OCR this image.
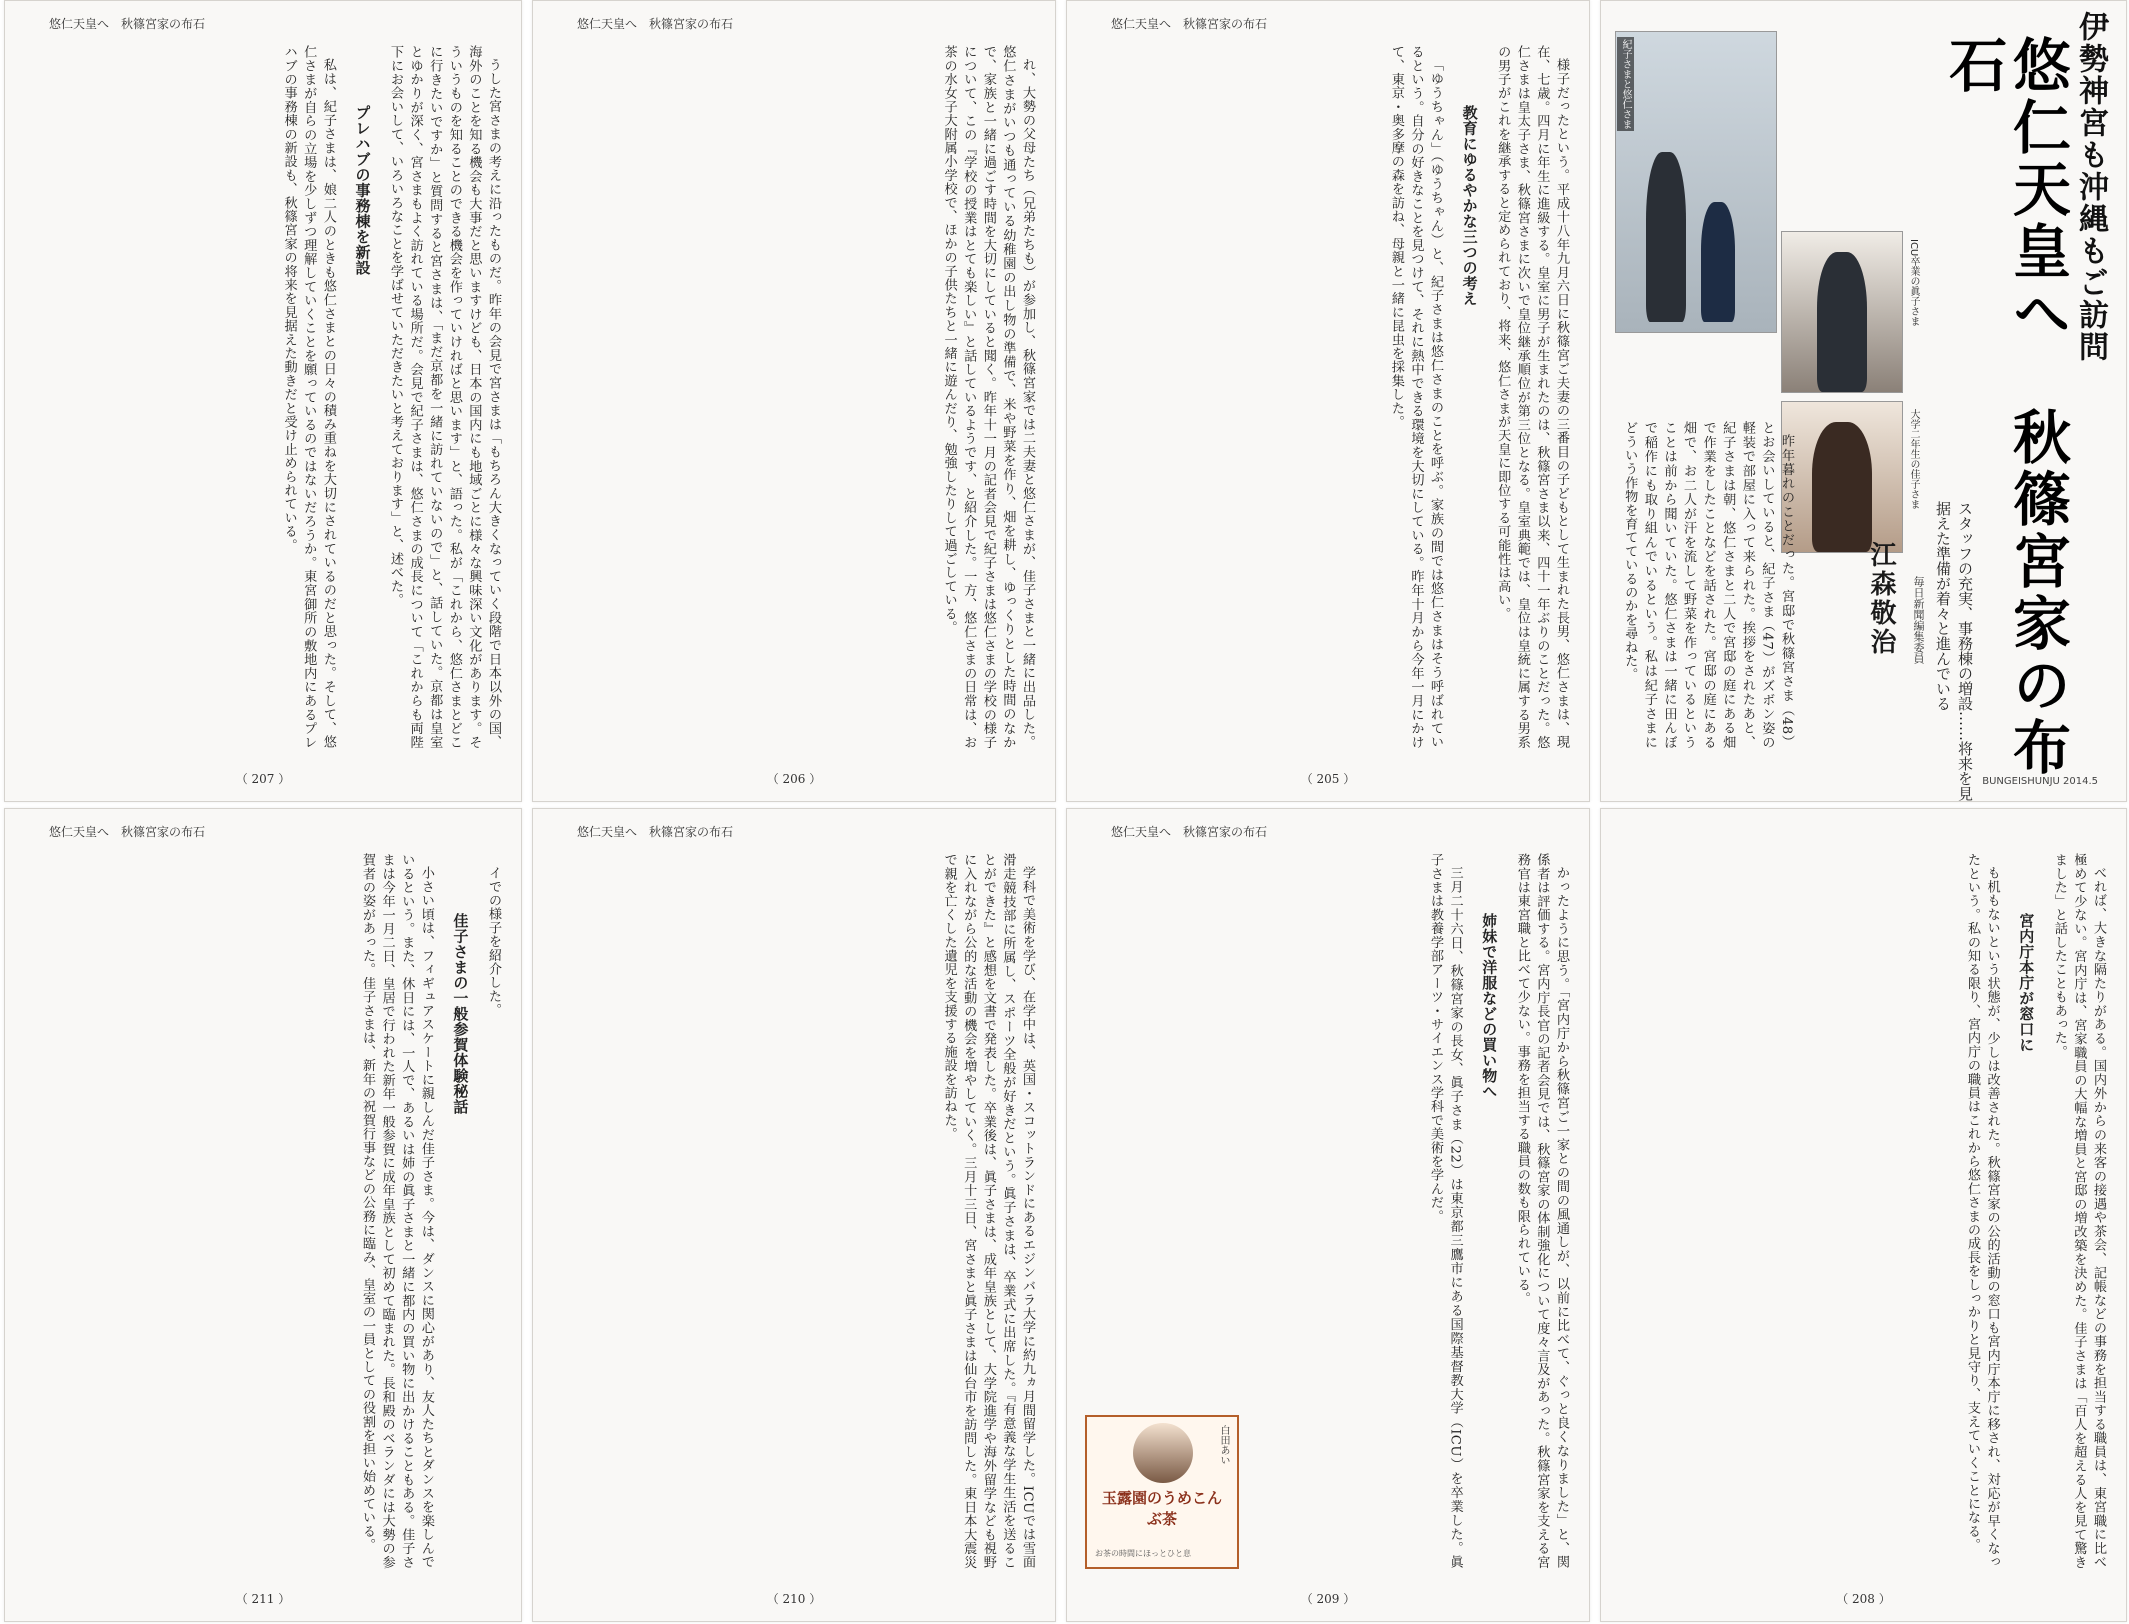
悠仁天皇へ　秋篠宮家の布石

うした宮さまの考えに沿ったものだ。昨年の会見で宮さまは「もちろん大きくなっていく段階で日本以外の国、海外のことを知る機会も大事だと思いますけども、日本の国内にも地域ごとに様々な興味深い文化があります。そういうものを知ることのできる機会を作っていければと思います」と、語った。私が「これから、悠仁さまとどこに行きたいですか」と質問すると宮さまは、「まだ京都を一緒に訪れていないので」と、話していた。京都は皇室とゆかりが深く、宮さまもよく訪れている場所だ。会見で紀子さまは、悠仁さまの成長について「これからも両陛下にお会いして、いろいろなことを学ばせていただきたいと考えております」と、述べた。

プレハブの事務棟を新設

私は、紀子さまは、娘二人のときも悠仁さまとの日々の積み重ねを大切にされているのだと思った。そして、悠仁さまが自らの立場を少しずつ理解していくことを願っているのではないだろうか。東宮御所の敷地内にあるプレハブの事務棟の新設も、秋篠宮家の将来を見据えた動きだと受け止められている。

（ 207 ）
悠仁天皇へ　秋篠宮家の布石

れ、大勢の父母たち（兄弟たちも）が参加し、秋篠宮家では二夫妻と悠仁さまが、佳子さまと一緒に出品した。悠仁さまがいつも通っている幼稚園の出し物の準備で、米や野菜を作り、畑を耕し、ゆっくりとした時間のなかで、家族と一緒に過ごす時間を大切にしていると聞く。昨年十一月の記者会見で紀子さまは悠仁さまの学校の様子について、この『学校の授業はとても楽しい』と話しているようです、と紹介した。一方、悠仁さまの日常は、お茶の水女子大附属小学校で、ほかの子供たちと一緒に遊んだり、勉強したりして過ごしている。

（ 206 ）
悠仁天皇へ　秋篠宮家の布石

様子だったという。平成十八年九月六日に秋篠宮ご夫妻の三番目の子どもとして生まれた長男、悠仁さまは、現在、七歳。四月に年生に進級する。皇室に男子が生まれたのは、秋篠宮さま以来、四十一年ぶりのことだった。悠仁さまは皇太子さま、秋篠宮さまに次いで皇位継承順位が第三位となる。皇室典範では、皇位は皇統に属する男系の男子がこれを継承すると定められており、将来、悠仁さまが天皇に即位する可能性は高い。

教育にゆるやかな三つの考え

「ゆうちゃん」（ゆうちゃん）と、紀子さまは悠仁さまのことを呼ぶ。家族の間では悠仁さまはそう呼ばれているという。自分の好きなことを見つけて、それに熱中できる環境を大切にしている。昨年十月から今年一月にかけて、東京・奥多摩の森を訪ね、母親と一緒に昆虫を採集した。

（ 205 ）
伊勢神宮も沖縄もご訪問
悠仁天皇へ　秋篠宮家の布石
紀子さまと悠仁さま
ICU卒業の眞子さま
大学二年生の佳子さま
スタッフの充実、事務棟の増設……将来を見据えた準備が着々と進んでいる
江森敬治	毎日新聞編集委員

昨年暮れのことだった。宮邸で秋篠宮さま（48）とお会いしていると、紀子さま（47）がズボン姿の軽装で部屋に入って来られた。挨拶をされたあと、紀子さまは朝、悠仁さまと二人で宮邸の庭にある畑で作業をしたことなどを話された。宮邸の庭にある畑で、お二人が汗を流して野菜を作っているということは前から聞いていた。悠仁さまは一緒に田んぼで稲作にも取り組んでいるという。私は紀子さまにどういう作物を育てているのかを尋ねた。

BUNGEISHUNJU 2014.5
悠仁天皇へ　秋篠宮家の布石

イでの様子を紹介した。

佳子さまの一般参賀体験秘話

小さい頃は、フィギュアスケートに親しんだ佳子さま。今は、ダンスに関心があり、友人たちとダンスを楽しんでいるという。また、休日には、一人で、あるいは姉の眞子さまと一緒に都内の買い物に出かけることもある。佳子さまは今年一月二日、皇居で行われた新年一般参賀に成年皇族として初めて臨まれた。長和殿のベランダには大勢の参賀者の姿があった。佳子さまは、新年の祝賀行事などの公務に臨み、皇室の一員としての役割を担い始めている。

（ 211 ）
悠仁天皇へ　秋篠宮家の布石

学科で美術を学び、在学中は、英国・スコットランドにあるエジンバラ大学に約九ヵ月間留学した。ICUでは雪面滑走競技部に所属し、スポーツ全般が好きだという。眞子さまは、卒業式に出席した。『有意義な学生生活を送ることができた』と感想を文書で発表した。卒業後は、眞子さまは、成年皇族として、大学院進学や海外留学なども視野に入れながら公的な活動の機会を増やしていく。三月十三日、宮さまと眞子さまは仙台市を訪問した。東日本大震災で親を亡くした遺児を支援する施設を訪ねた。

（ 210 ）
悠仁天皇へ　秋篠宮家の布石

かったように思う。「宮内庁から秋篠宮ご一家との間の風通しが、以前に比べて、ぐっと良くなりました」と、関係者は評価する。宮内庁長官の記者会見では、秋篠宮家の体制強化について度々言及があった。秋篠宮家を支える宮務官は東宮職と比べて少ない。事務を担当する職員の数も限られている。

姉妹で洋服などの買い物へ

三月二十六日、秋篠宮家の長女、眞子さま（22）は東京都三鷹市にある国際基督教大学（ICU）を卒業した。眞子さまは教養学部アーツ・サイエンス学科で美術を学んだ。

白田あい
玉露園のうめこんぶ茶
お茶の時間にほっとひと息
（ 209 ）

べれば、大きな隔たりがある。国内外からの来客の接遇や茶会、記帳などの事務を担当する職員は、東宮職に比べ極めて少ない。宮内庁は、宮家職員の大幅な増員と宮邸の増改築を決めた。佳子さまは「百人を超える人を見て驚きました」と話したこともあった。

宮内庁本庁が窓口に

も机もないという状態が、少しは改善された。秋篠宮家の公的活動の窓口も宮内庁本庁に移され、対応が早くなったという。私の知る限り、宮内庁の職員はこれから悠仁さまの成長をしっかりと見守り、支えていくことになる。

（ 208 ）
